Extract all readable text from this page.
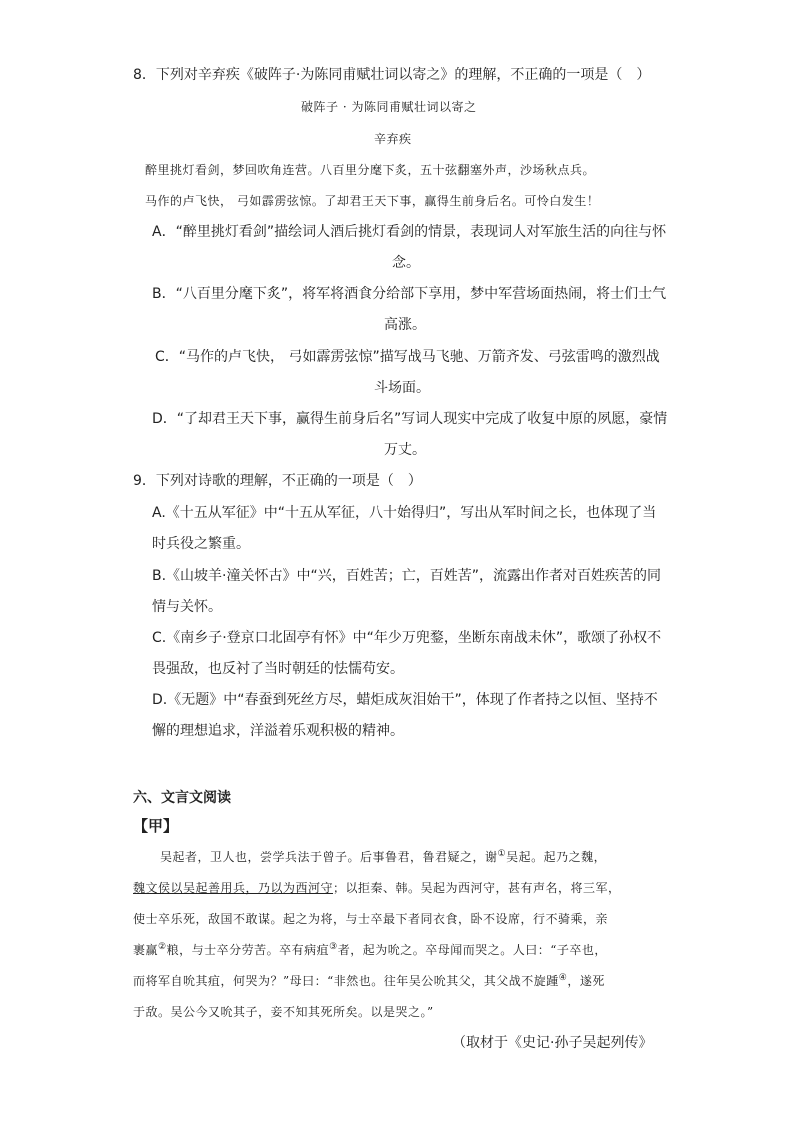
8．下列对辛弃疾《破阵子·为陈同甫赋壮词以寄之》的理解，不正确的一项是（　）
破阵子 · 为陈同甫赋壮词以寄之
辛弃疾
醉里挑灯看剑，梦回吹角连营。八百里分麾下炙，五十弦翻塞外声，沙场秋点兵。
马作的卢飞快， 弓如霹雳弦惊。了却君王天下事，赢得生前身后名。可怜白发生！
A．“醉里挑灯看剑”描绘词人酒后挑灯看剑的情景，表现词人对军旅生活的向往与怀
念。
B．“八百里分麾下炙”，将军将酒食分给部下享用，梦中军营场面热闹，将士们士气
高涨。
C．“马作的卢飞快， 弓如霹雳弦惊”描写战马飞驰、万箭齐发、弓弦雷鸣的激烈战
斗场面。
D．“了却君王天下事，赢得生前身后名”写词人现实中完成了收复中原的夙愿，豪情
万丈。
9．下列对诗歌的理解，不正确的一项是（　）
A.《十五从军征》中“十五从军征，八十始得归”，写出从军时间之长，也体现了当
时兵役之繁重。
B.《山坡羊·潼关怀古》中“兴，百姓苦；亡，百姓苦”，流露出作者对百姓疾苦的同
情与关怀。
C.《南乡子·登京口北固亭有怀》中“年少万兜鍪，坐断东南战未休”，歌颂了孙权不
畏强敌，也反衬了当时朝廷的怯懦苟安。
D.《无题》中“春蚕到死丝方尽，蜡炬成灰泪始干”，体现了作者持之以恒、坚持不
懈的理想追求，洋溢着乐观积极的精神。
六、文言文阅读
【甲】
吴起者，卫人也，尝学兵法于曾子。后事鲁君，鲁君疑之，谢①吴起。起乃之魏，
魏文侯以吴起善用兵，乃以为西河守；以拒秦、韩。吴起为西河守，甚有声名，将三军，
使士卒乐死，敌国不敢谋。起之为将，与士卒最下者同衣食，卧不设席，行不骑乘，亲
裹赢②粮，与士卒分劳苦。卒有病疽③者，起为吮之。卒母闻而哭之。人曰：“子卒也，
而将军自吮其疽，何哭为？”母曰：“非然也。往年吴公吮其父，其父战不旋踵④，遂死
于敌。吴公今又吮其子，妾不知其死所矣。以是哭之。”
（取材于《史记·孙子吴起列传》
